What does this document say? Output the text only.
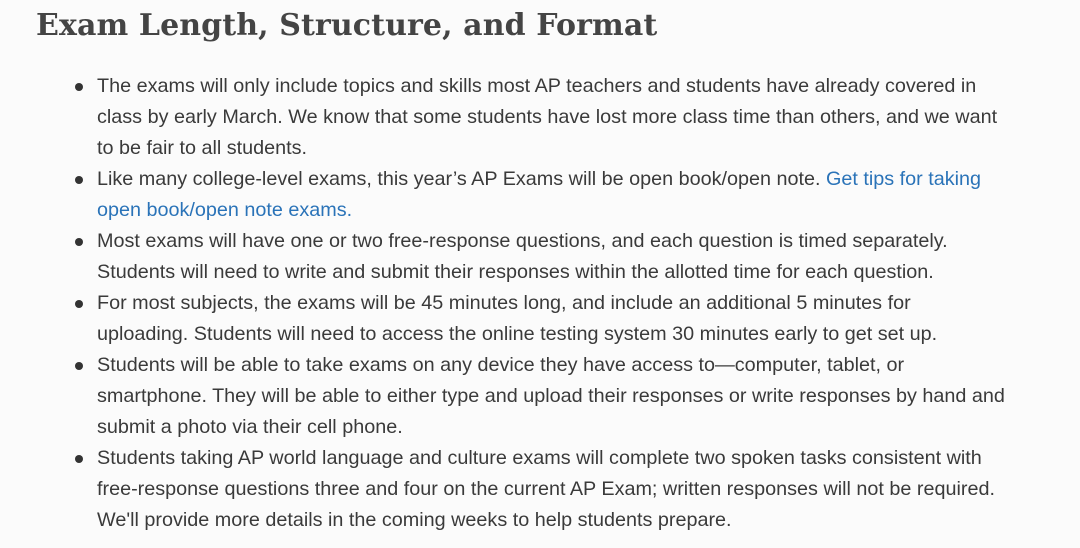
Exam Length, Structure, and Format
The exams will only include topics and skills most AP teachers and students have already covered in class by early March. We know that some students have lost more class time than others, and we want to be fair to all students.
Like many college-level exams, this year’s AP Exams will be open book/open note. Get tips for taking open book/open note exams.
Most exams will have one or two free-response questions, and each question is timed separately. Students will need to write and submit their responses within the allotted time for each question.
For most subjects, the exams will be 45 minutes long, and include an additional 5 minutes for uploading. Students will need to access the online testing system 30 minutes early to get set up.
Students will be able to take exams on any device they have access to—computer, tablet, or smartphone. They will be able to either type and upload their responses or write responses by hand and submit a photo via their cell phone.
Students taking AP world language and culture exams will complete two spoken tasks consistent with free-response questions three and four on the current AP Exam; written responses will not be required. We'll provide more details in the coming weeks to help students prepare.
